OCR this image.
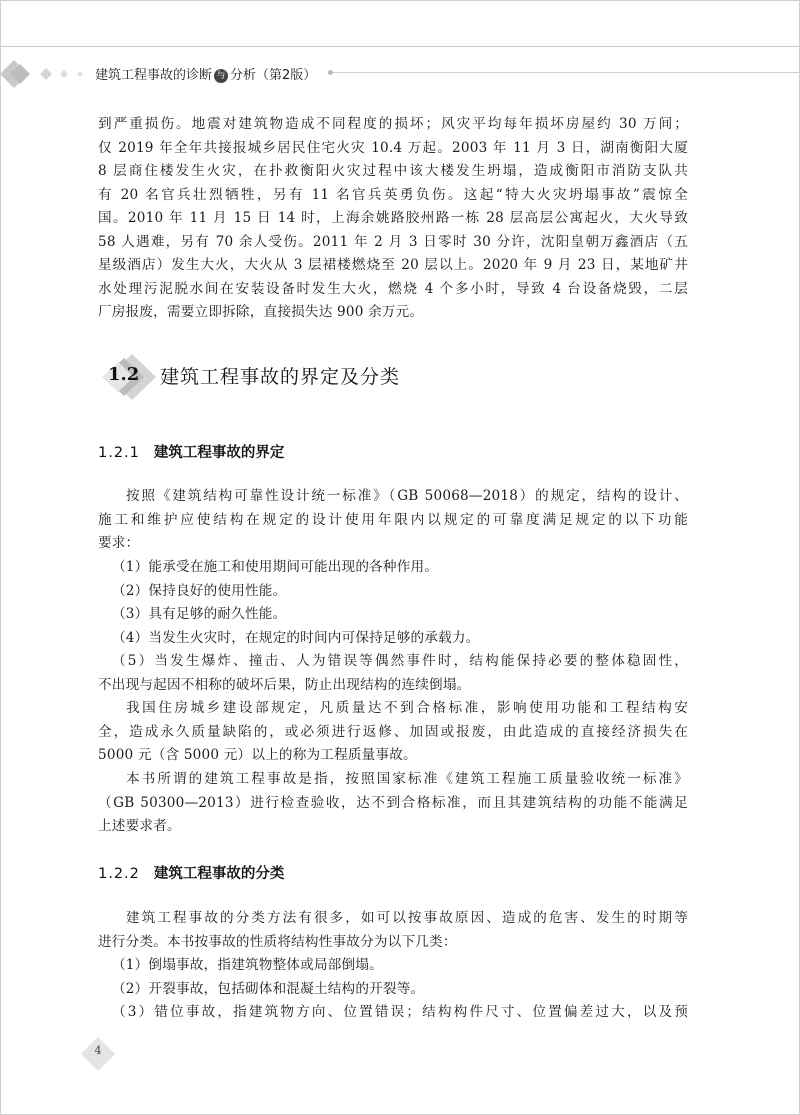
建筑工程事故的诊断 与 分析（第2版）
到严重损伤。地震对建筑物造成不同程度的损坏；风灾平均每年损坏房屋约 30 万间；
仅 2019 年全年共接报城乡居民住宅火灾 10.4 万起。2003 年 11 月 3 日，湖南衡阳大厦
8 层商住楼发生火灾，在扑救衡阳火灾过程中该大楼发生坍塌，造成衡阳市消防支队共
有 20 名官兵壮烈牺牲，另有 11 名官兵英勇负伤。这起“特大火灾坍塌事故”震惊全
国。2010 年 11 月 15 日 14 时，上海余姚路胶州路一栋 28 层高层公寓起火，大火导致
58 人遇难，另有 70 余人受伤。2011 年 2 月 3 日零时 30 分许，沈阳皇朝万鑫酒店（五
星级酒店）发生大火，大火从 3 层裙楼燃烧至 20 层以上。2020 年 9 月 23 日，某地矿井
水处理污泥脱水间在安装设备时发生大火，燃烧 4 个多小时，导致 4 台设备烧毁，二层
厂房报废，需要立即拆除，直接损失达 900 余万元。
1.2 建筑工程事故的界定及分类
1.2.1 建筑工程事故的界定
按照《建筑结构可靠性设计统一标准》（GB 50068—2018）的规定，结构的设计、
施工和维护应使结构在规定的设计使用年限内以规定的可靠度满足规定的以下功能
要求：
（1）能承受在施工和使用期间可能出现的各种作用。
（2）保持良好的使用性能。
（3）具有足够的耐久性能。
（4）当发生火灾时，在规定的时间内可保持足够的承载力。
（5）当发生爆炸、撞击、人为错误等偶然事件时，结构能保持必要的整体稳固性，
不出现与起因不相称的破坏后果，防止出现结构的连续倒塌。
我国住房城乡建设部规定，凡质量达不到合格标准，影响使用功能和工程结构安
全，造成永久质量缺陷的，或必须进行返修、加固或报废，由此造成的直接经济损失在
5000 元（含 5000 元）以上的称为工程质量事故。
本书所谓的建筑工程事故是指，按照国家标准《建筑工程施工质量验收统一标准》
（GB 50300—2013）进行检查验收，达不到合格标准，而且其建筑结构的功能不能满足
上述要求者。
1.2.2 建筑工程事故的分类
建筑工程事故的分类方法有很多，如可以按事故原因、造成的危害、发生的时期等
进行分类。本书按事故的性质将结构性事故分为以下几类：
（1）倒塌事故，指建筑物整体或局部倒塌。
（2）开裂事故，包括砌体和混凝土结构的开裂等。
（3）错位事故，指建筑物方向、位置错误；结构构件尺寸、位置偏差过大，以及预
4
